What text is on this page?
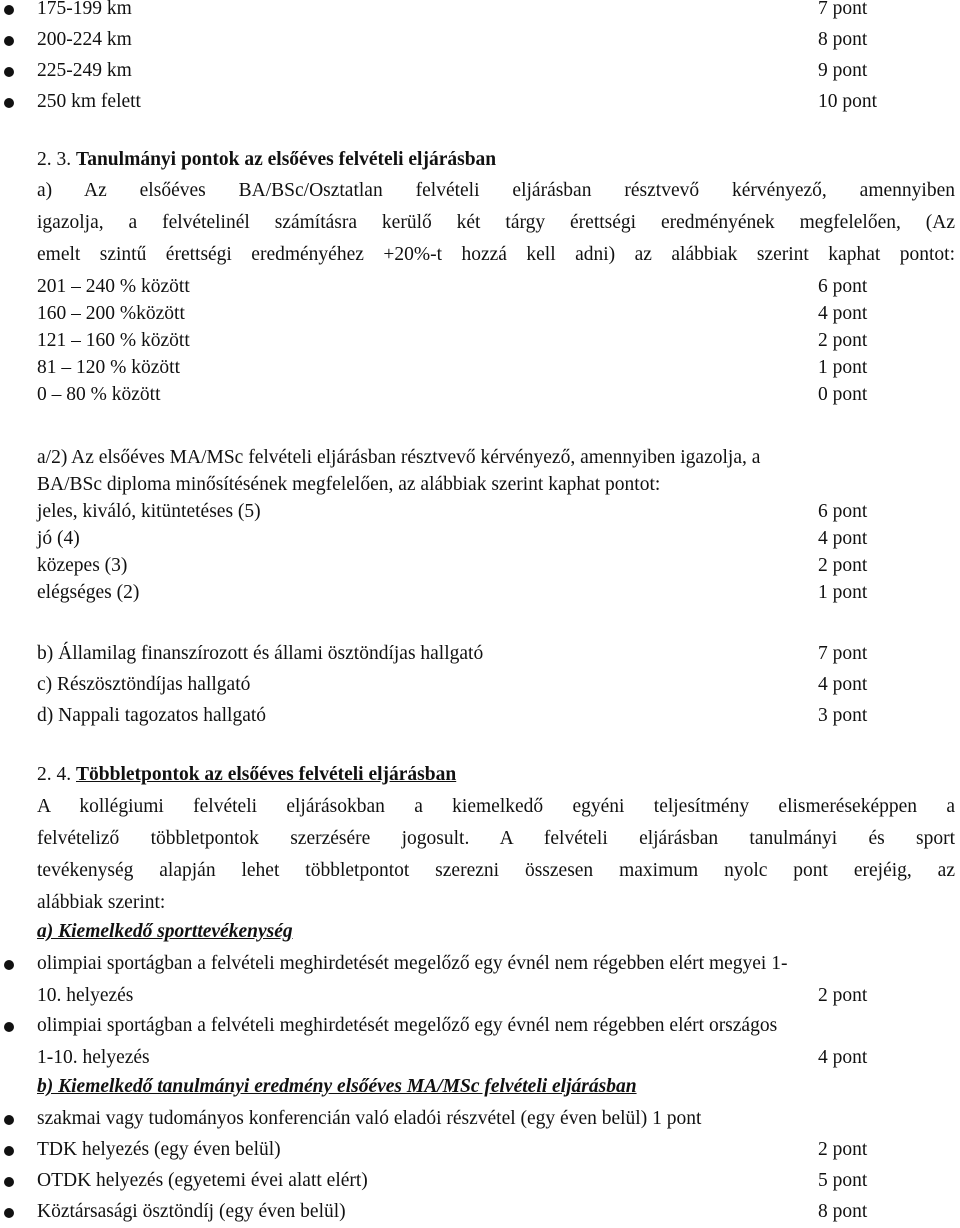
175-199 km	7 pont
200-224 km	8 pont
225-249 km	9 pont
250 km felett	10 pont
2. 3. Tanulmányi pontok az elsőéves felvételi eljárásban
a) Az elsőéves BA/BSc/Osztatlan felvételi eljárásban résztvevő kérvényező, amennyiben
igazolja, a felvételinél számításra kerülő két tárgy érettségi eredményének megfelelően, (Az
emelt szintű érettségi eredményéhez +20%-t hozzá kell adni) az alábbiak szerint kaphat pontot:
201 – 240 % között	6 pont
160 – 200 %között	4 pont
121 – 160 % között	2 pont
81 – 120 % között	1 pont
0 – 80 % között	0 pont
a/2) Az elsőéves MA/MSc felvételi eljárásban résztvevő kérvényező, amennyiben igazolja, a
BA/BSc diploma minősítésének megfelelően, az alábbiak szerint kaphat pontot:
jeles, kiváló, kitüntetéses (5)	6 pont
jó (4)	4 pont
közepes (3)	2 pont
elégséges (2)	1 pont
b) Államilag finanszírozott és állami ösztöndíjas hallgató	7 pont
c) Részösztöndíjas hallgató	4 pont
d) Nappali tagozatos hallgató	3 pont
2. 4. Többletpontok az elsőéves felvételi eljárásban
A kollégiumi felvételi eljárásokban a kiemelkedő egyéni teljesítmény elismeréseképpen a
felvételiző többletpontok szerzésére jogosult. A felvételi eljárásban tanulmányi és sport
tevékenység alapján lehet többletpontot szerezni összesen maximum nyolc pont erejéig, az
alábbiak szerint:
a) Kiemelkedő sporttevékenység
olimpiai sportágban a felvételi meghirdetését megelőző egy évnél nem régebben elért megyei 1-
10. helyezés	2 pont
olimpiai sportágban a felvételi meghirdetését megelőző egy évnél nem régebben elért országos
1-10. helyezés	4 pont
b) Kiemelkedő tanulmányi eredmény elsőéves MA/MSc felvételi eljárásban
szakmai vagy tudományos konferencián való eladói részvétel (egy éven belül) 1 pont
TDK helyezés (egy éven belül)	2 pont
OTDK helyezés (egyetemi évei alatt elért)	5 pont
Köztársasági ösztöndíj (egy éven belül)	8 pont
